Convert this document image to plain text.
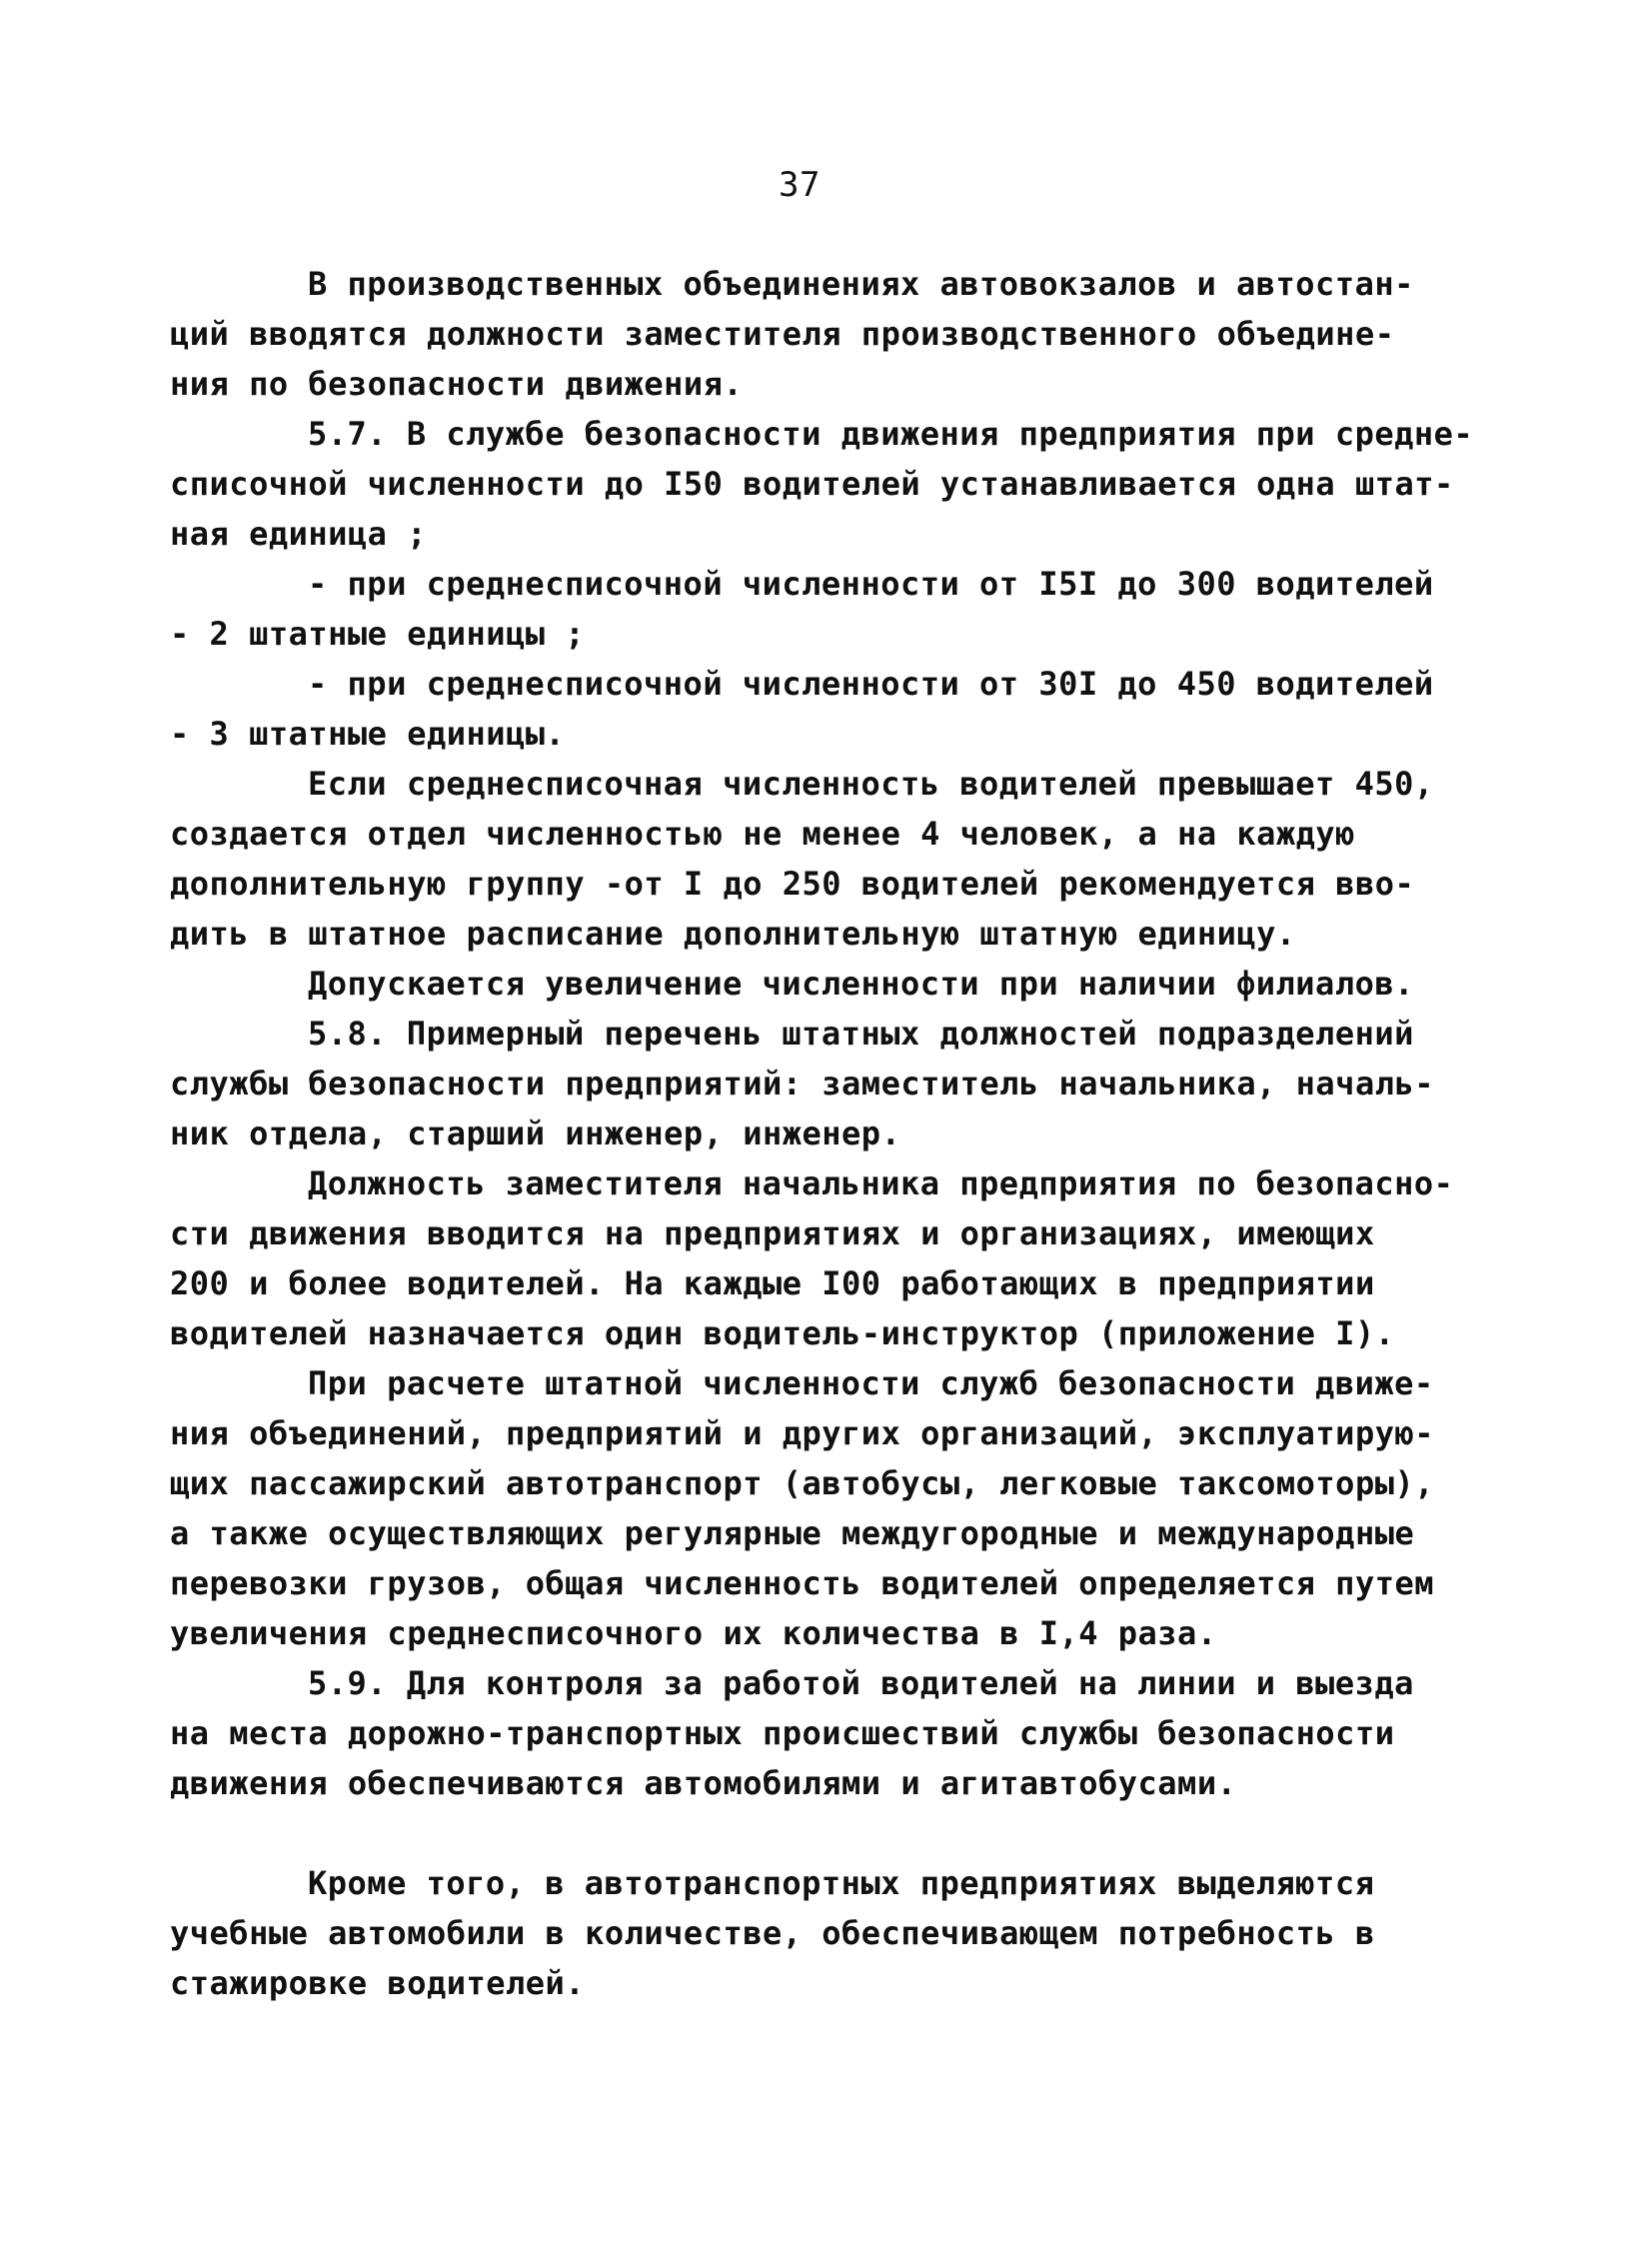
37
В производственных объединениях автовокзалов и автостан-
ций вводятся должности заместителя производственного объедине-
ния по безопасности движения.
5.7. В службе безопасности движения предприятия при средне-
списочной численности до I50 водителей устанавливается одна штат-
ная единица ;
- при среднесписочной численности от I5I до 300 водителей
- 2 штатные единицы ;
- при среднесписочной численности от 30I до 450 водителей
- 3 штатные единицы.
Если среднесписочная численность водителей превышает 450,
создается отдел численностью не менее 4 человек, а на каждую
дополнительную группу -от I до 250 водителей рекомендуется вво-
дить в штатное расписание дополнительную штатную единицу.
Допускается увеличение численности при наличии филиалов.
5.8. Примерный перечень штатных должностей подразделений
службы безопасности предприятий: заместитель начальника, началь-
ник отдела, старший инженер, инженер.
Должность заместителя начальника предприятия по безопасно-
сти движения вводится на предприятиях и организациях, имеющих
200 и более водителей. На каждые I00 работающих в предприятии
водителей назначается один водитель-инструктор (приложение I).
При расчете штатной численности служб безопасности движе-
ния объединений, предприятий и других организаций, эксплуатирую-
щих пассажирский автотранспорт (автобусы, легковые таксомоторы),
а также осуществляющих регулярные междугородные и международные
перевозки грузов, общая численность водителей определяется путем
увеличения среднесписочного их количества в I,4 раза.
5.9. Для контроля за работой водителей на линии и выезда
на места дорожно-транспортных происшествий службы безопасности
движения обеспечиваются автомобилями и агитавтобусами.
Кроме того, в автотранспортных предприятиях выделяются
учебные автомобили в количестве, обеспечивающем потребность в
стажировке водителей.
